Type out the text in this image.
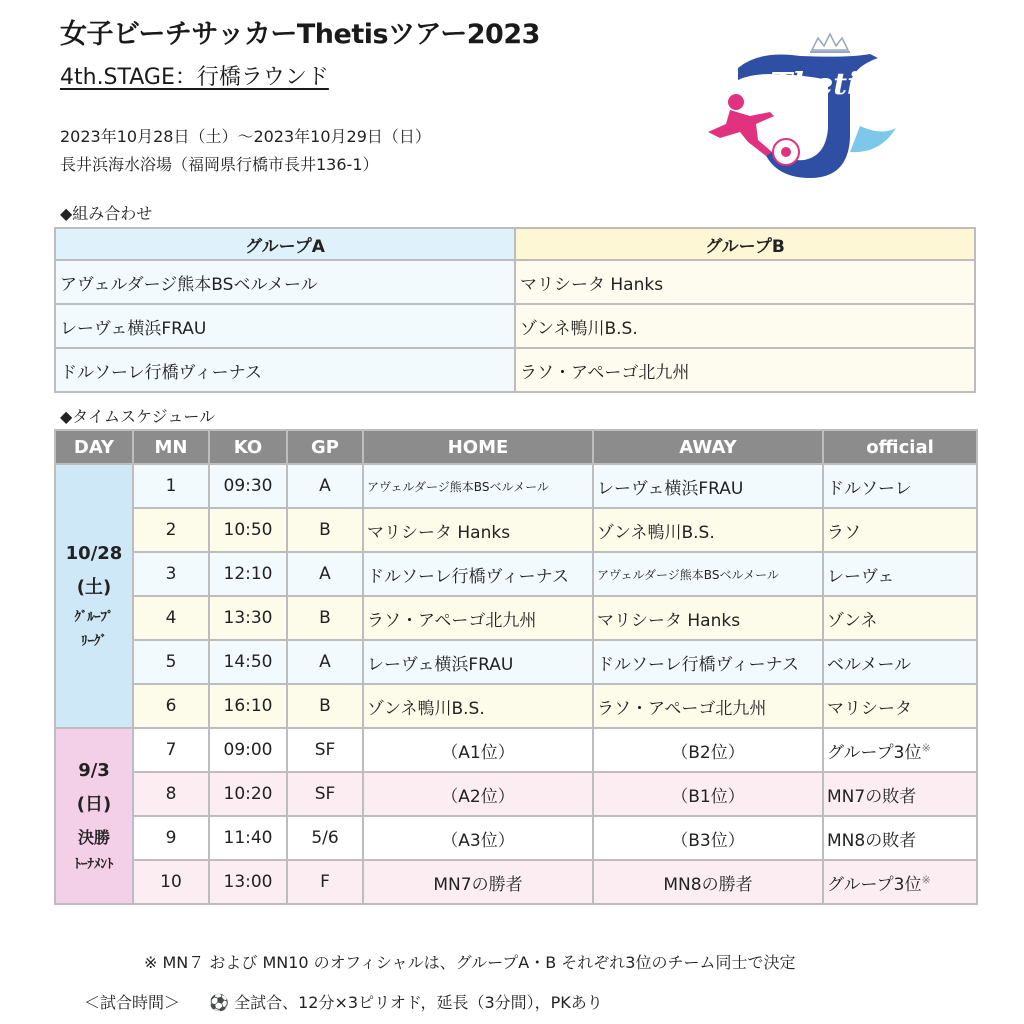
女子ビーチサッカーThetisツアー2023
4th.STAGE：行橋ラウンド
2023年10月28日（土）～2023年10月29日（日）
長井浜海水浴場（福岡県行橋市長井136-1）
Thetis tour
since
2021
◆組み合わせ
グループA	グループB
アヴェルダージ熊本BSベルメール	マリシータ Hanks
レーヴェ横浜FRAU	ゾンネ鴨川B.S.
ドルソーレ行橋ヴィーナス	ラソ・アペーゴ北九州
◆タイムスケジュール
DAY	MN	KO	GP	HOME	AWAY	official

10/28
(土)
ｸﾞﾙｰﾌﾟ
ﾘｰｸﾞ	1	09:30	A	アヴェルダージ熊本BSベルメール	レーヴェ横浜FRAU	ドルソーレ
	2	10:50	B	マリシータ Hanks	ゾンネ鴨川B.S.	ラソ
	3	12:10	A	ドルソーレ行橋ヴィーナス	アヴェルダージ熊本BSベルメール	レーヴェ
	4	13:30	B	ラソ・アペーゴ北九州	マリシータ Hanks	ゾンネ
	5	14:50	A	レーヴェ横浜FRAU	ドルソーレ行橋ヴィーナス	ベルメール
	6	16:10	B	ゾンネ鴨川B.S.	ラソ・アペーゴ北九州	マリシータ

9/3
(日)
決勝
ﾄｰﾅﾒﾝﾄ	7	09:00	SF	（A1位）	（B2位）	グループ3位※
	8	10:20	SF	（A2位）	（B1位）	MN7の敗者
	9	11:40	5/6	（A3位）	（B3位）	MN8の敗者
	10	13:00	F	MN7の勝者	MN8の勝者	グループ3位※
※ MN７ および MN10 のオフィシャルは、グループA・B それぞれ3位のチーム同士で決定
＜試合時間＞ ⚽ 全試合、12分×3ピリオド，延長（3分間），PKあり
